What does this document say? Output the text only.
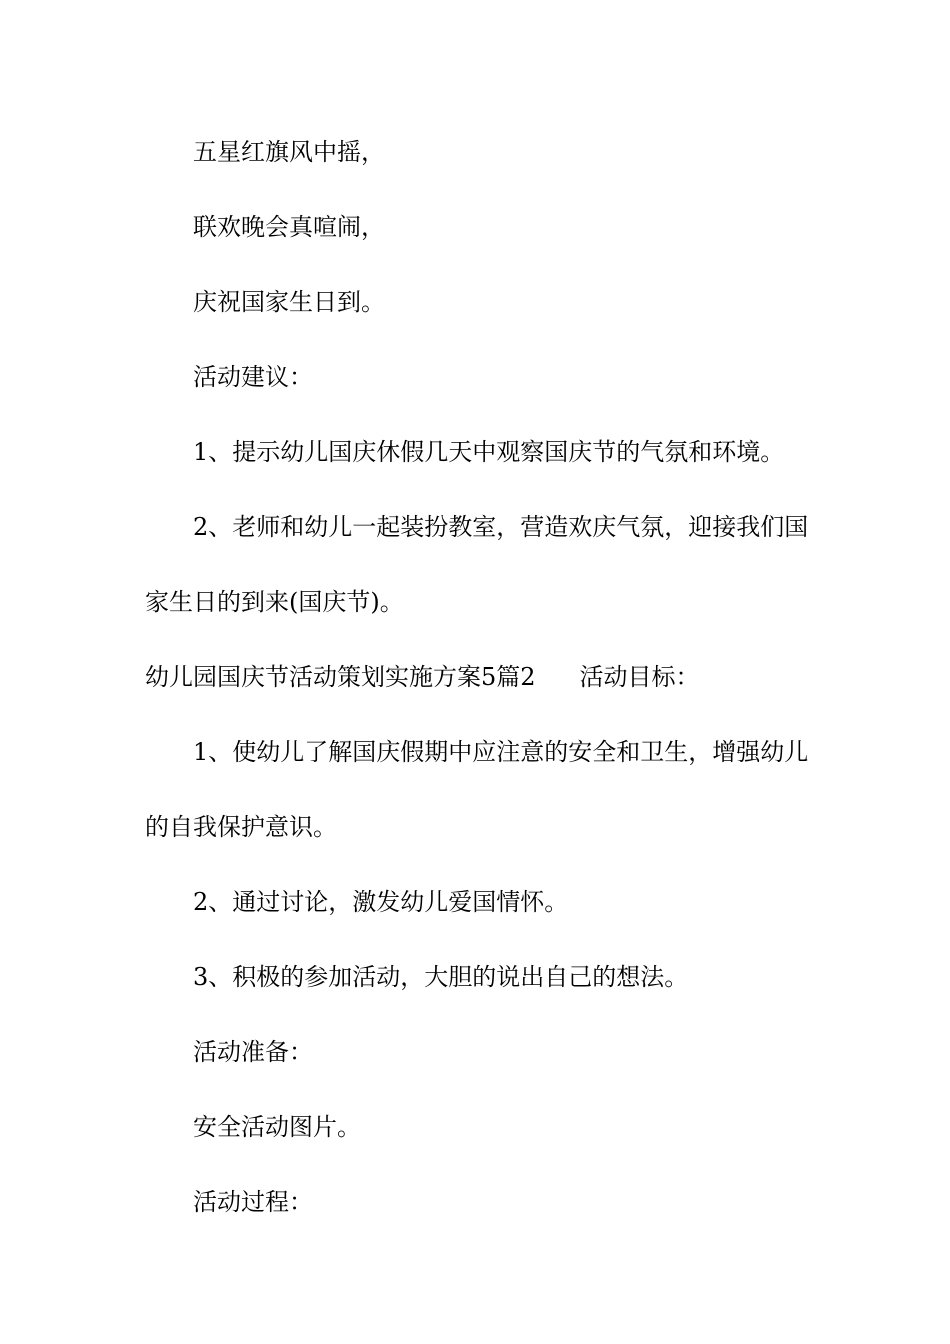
五星红旗风中摇，

联欢晚会真喧闹，

庆祝国家生日到。

活动建议：

1、提示幼儿国庆休假几天中观察国庆节的气氛和环境。

2、老师和幼儿一起装扮教室，营造欢庆气氛，迎接我们国

家生日的到来(国庆节)。

幼儿园国庆节活动策划实施方案5篇2 活动目标：

1、使幼儿了解国庆假期中应注意的安全和卫生，增强幼儿

的自我保护意识。

2、通过讨论，激发幼儿爱国情怀。

3、积极的参加活动，大胆的说出自己的想法。

活动准备：

安全活动图片。

活动过程：
